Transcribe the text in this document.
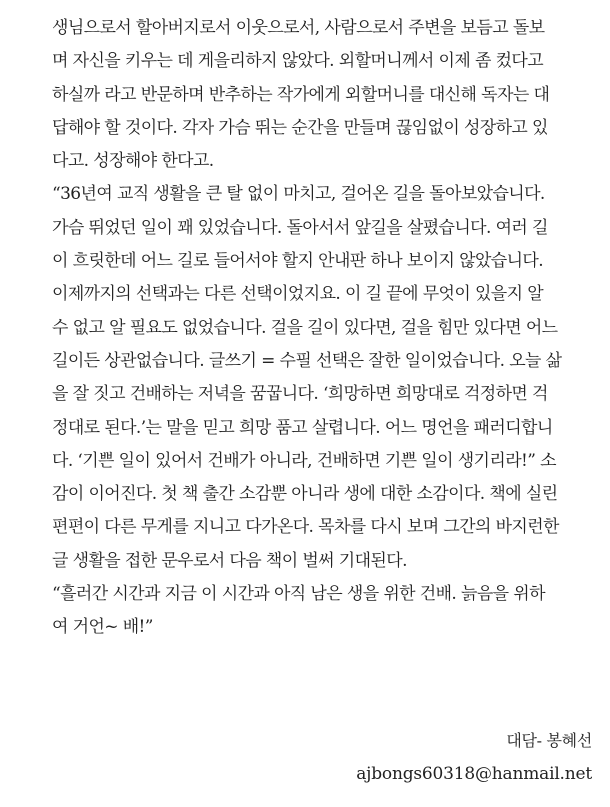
생님으로서 할아버지로서 이웃으로서, 사람으로서 주변을 보듬고 돌보
며 자신을 키우는 데 게을리하지 않았다. 외할머니께서 이제 좀 컸다고
하실까 라고 반문하며 반추하는 작가에게 외할머니를 대신해 독자는 대
답해야 할 것이다. 각자 가슴 뛰는 순간을 만들며 끊임없이 성장하고 있
다고. 성장해야 한다고.
“36년여 교직 생활을 큰 탈 없이 마치고, 걸어온 길을 돌아보았습니다.
가슴 뛰었던 일이 꽤 있었습니다. 돌아서서 앞길을 살폈습니다. 여러 길
이 흐릿한데 어느 길로 들어서야 할지 안내판 하나 보이지 않았습니다.
이제까지의 선택과는 다른 선택이었지요. 이 길 끝에 무엇이 있을지 알
수 없고 알 필요도 없었습니다. 걸을 길이 있다면, 걸을 힘만 있다면 어느
길이든 상관없습니다. 글쓰기 = 수필 선택은 잘한 일이었습니다. 오늘 삶
을 잘 짓고 건배하는 저녁을 꿈꿉니다. ‘희망하면 희망대로 걱정하면 걱
정대로 된다.’는 말을 믿고 희망 품고 살렵니다. 어느 명언을 패러디합니
다. ‘기쁜 일이 있어서 건배가 아니라, 건배하면 기쁜 일이 생기리라!” 소
감이 이어진다. 첫 책 출간 소감뿐 아니라 생에 대한 소감이다. 책에 실린
편편이 다른 무게를 지니고 다가온다. 목차를 다시 보며 그간의 바지런한
글 생활을 접한 문우로서 다음 책이 벌써 기대된다.
“흘러간 시간과 지금 이 시간과 아직 남은 생을 위한 건배. 늙음을 위하
여 거언~ 배!”
대담- 봉혜선
ajbongs60318@hanmail.net
